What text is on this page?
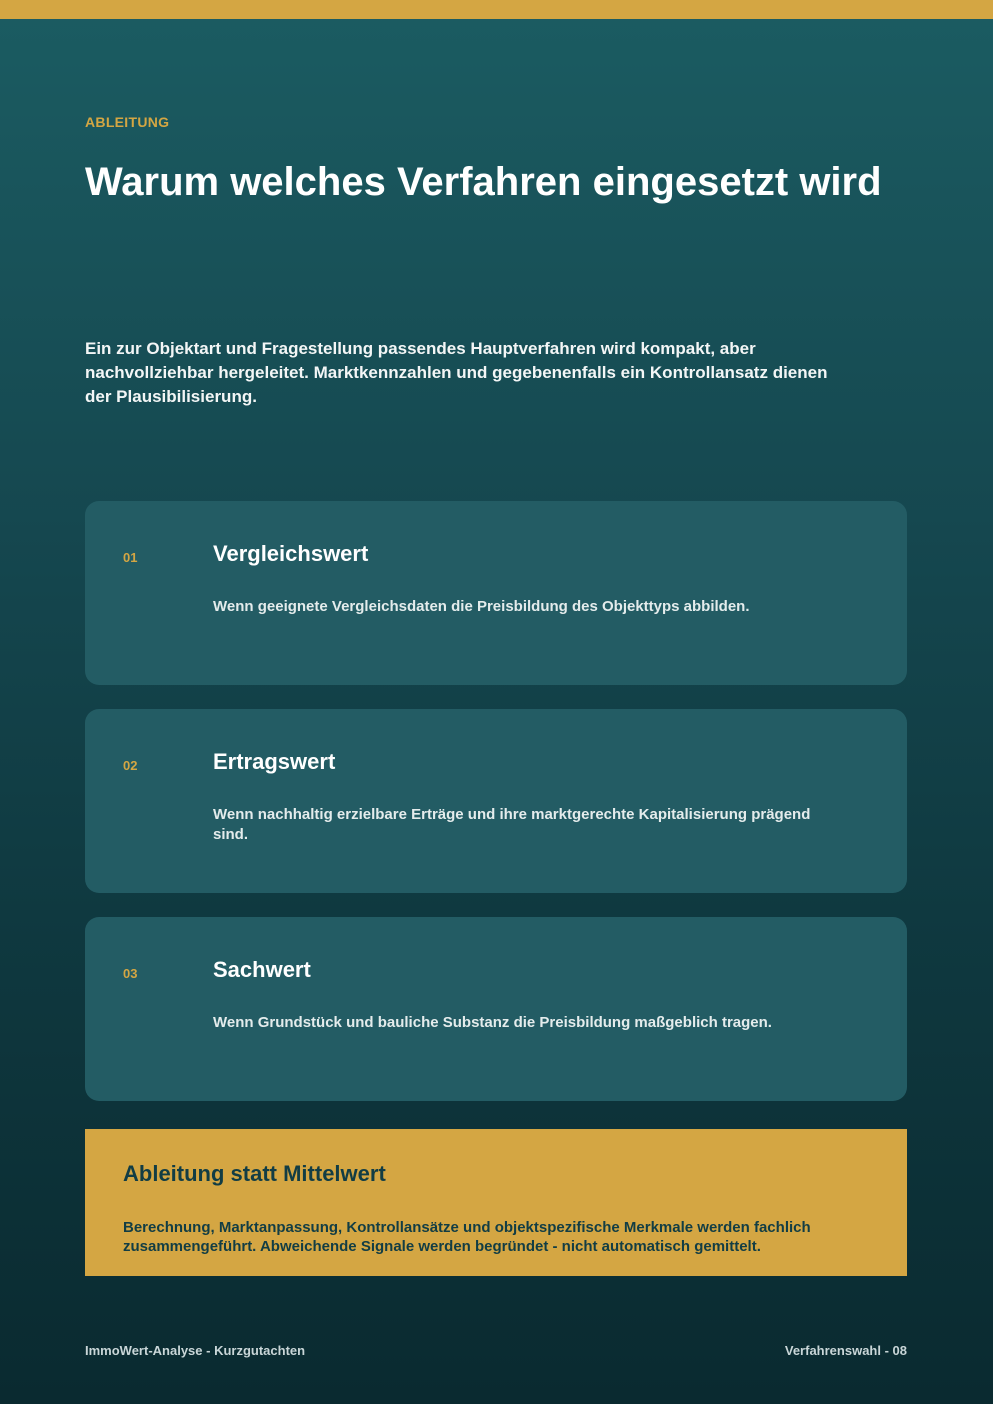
ABLEITUNG
Warum welches Verfahren eingesetzt wird

Ein zur Objektart und Fragestellung passendes Hauptverfahren wird kompakt, aber nachvollziehbar hergeleitet. Marktkennzahlen und gegebenenfalls ein Kontrollansatz dienen der Plausibilisierung.

01	Vergleichswert
Wenn geeignete Vergleichsdaten die Preisbildung des Objekttyps abbilden.
02	Ertragswert
Wenn nachhaltig erzielbare Erträge und ihre marktgerechte Kapitalisierung prägend sind.
03	Sachwert
Wenn Grundstück und bauliche Substanz die Preisbildung maßgeblich tragen.
Ableitung statt Mittelwert
Berechnung, Marktanpassung, Kontrollansätze und objektspezifische Merkmale werden fachlich zusammengeführt. Abweichende Signale werden begründet - nicht automatisch gemittelt.
ImmoWert-Analyse - Kurzgutachten	Verfahrenswahl - 08
